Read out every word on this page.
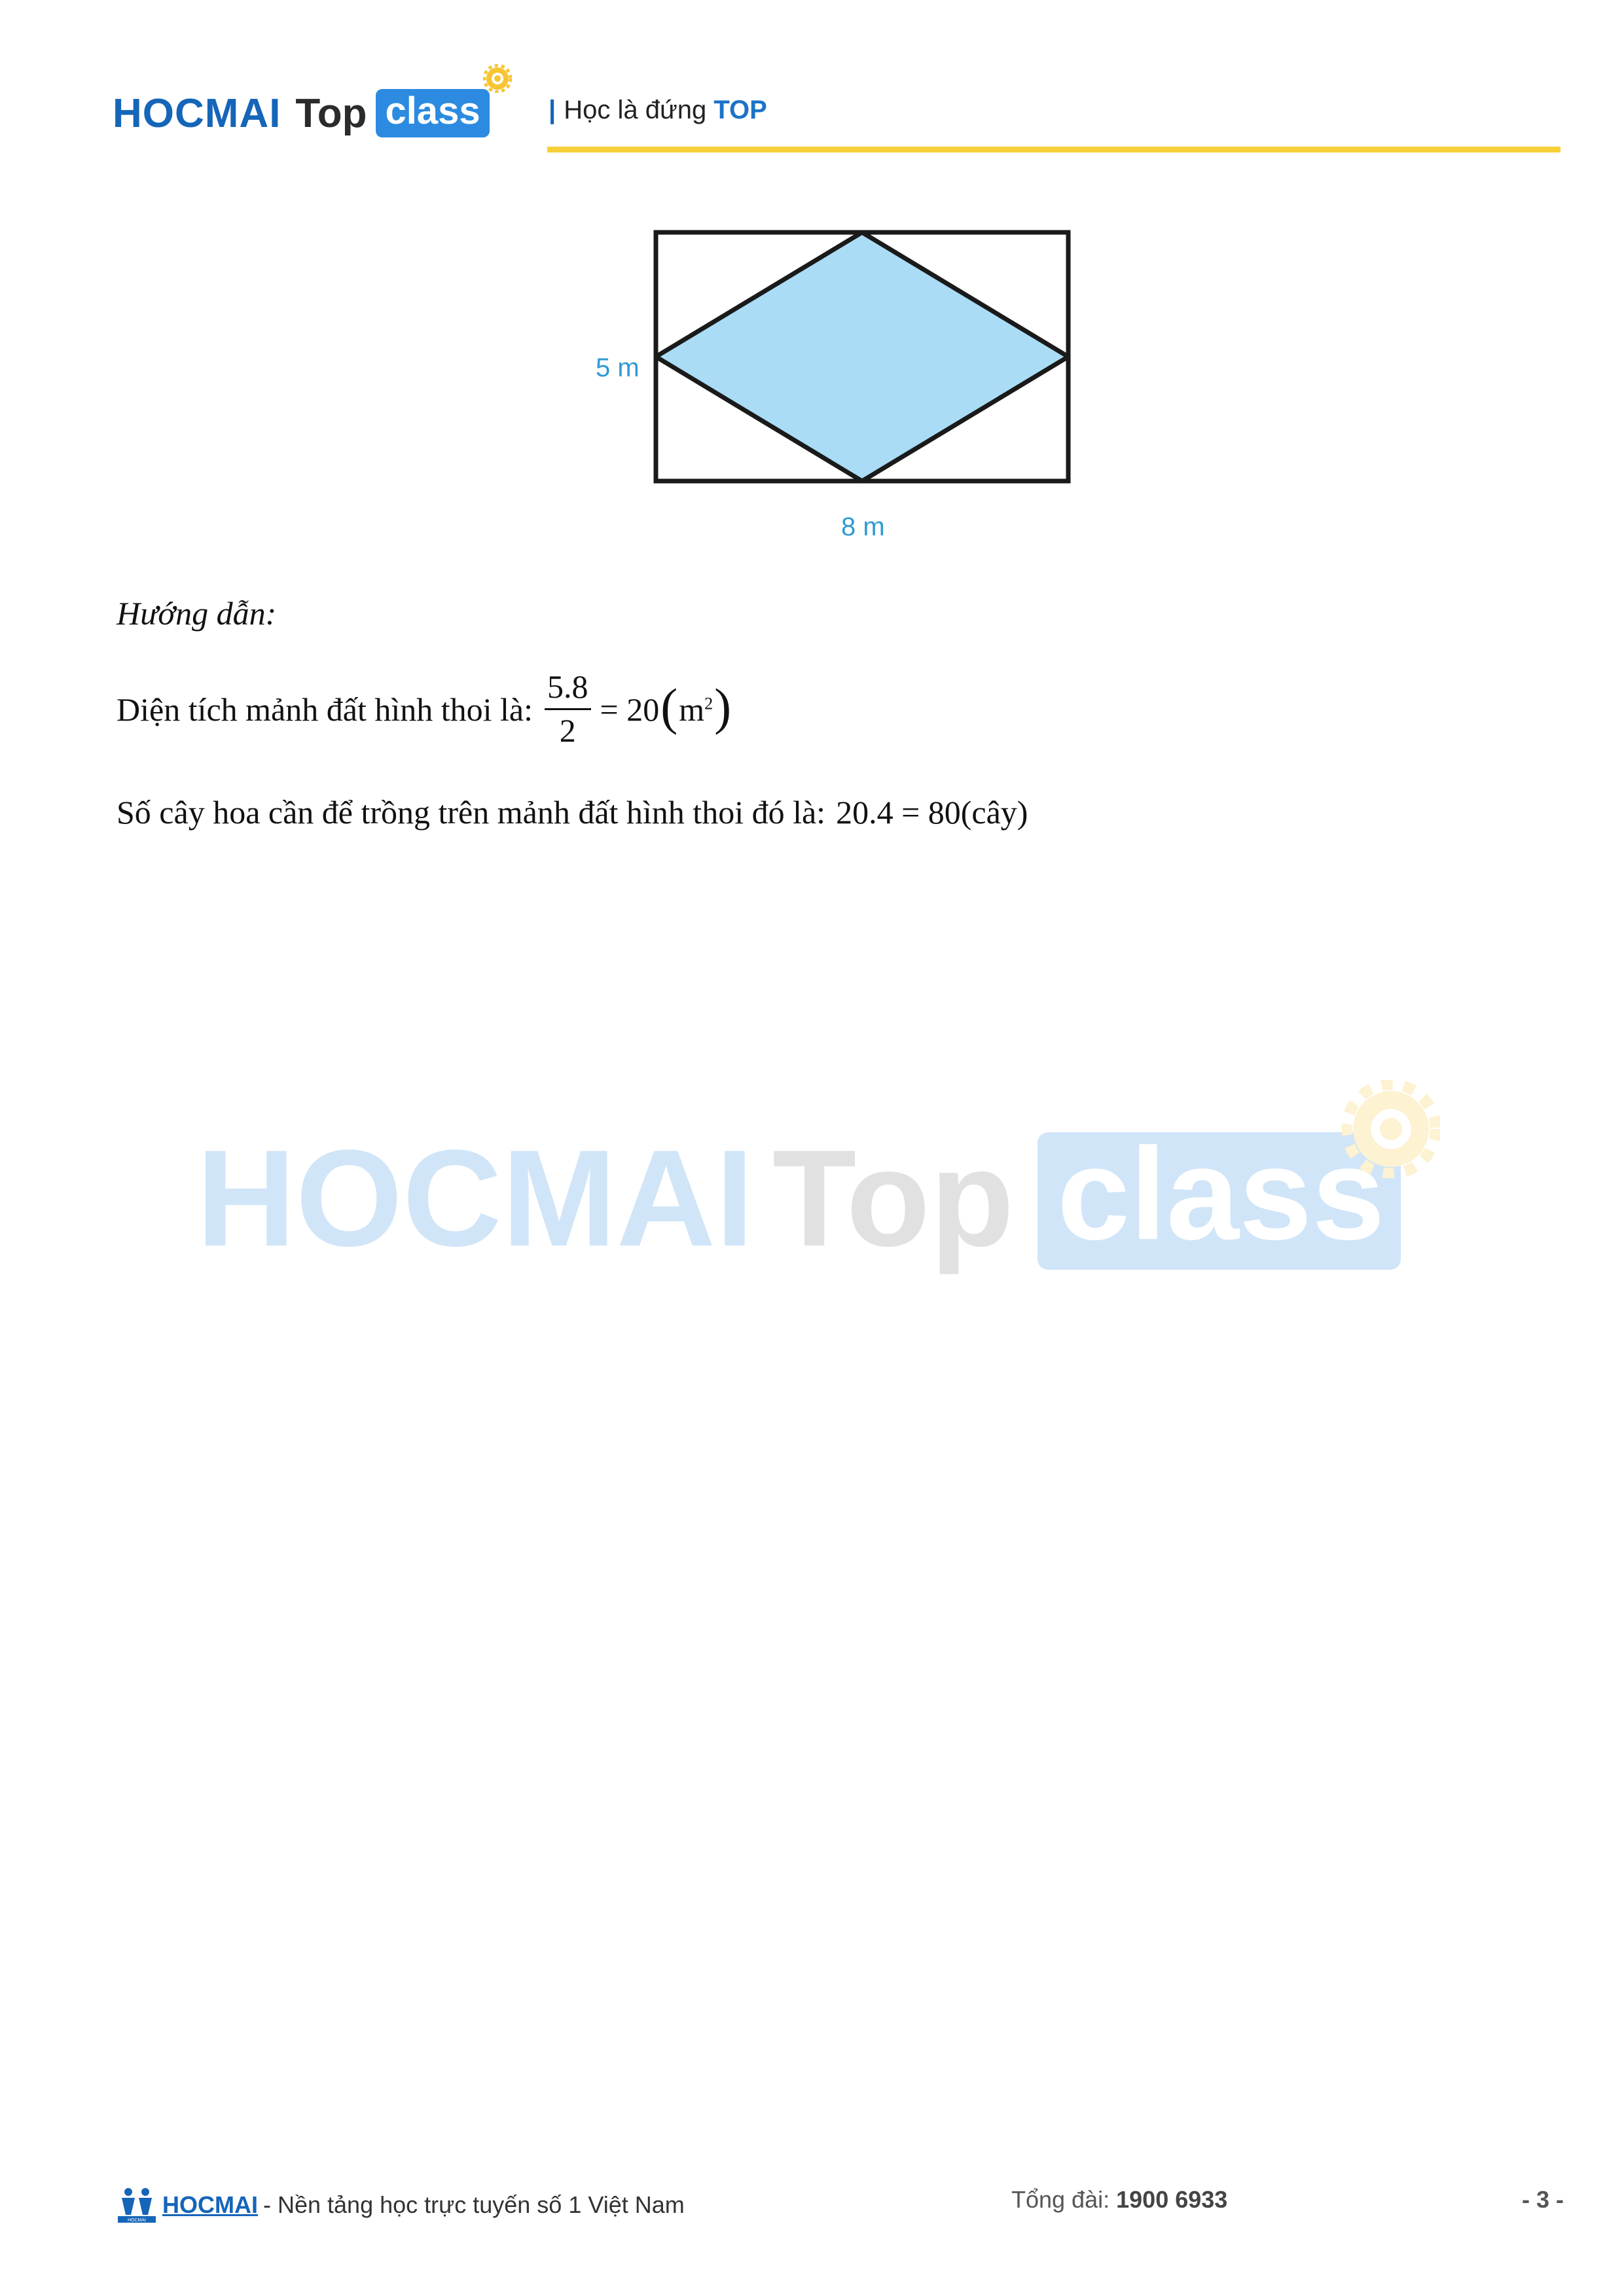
HOCMAI Top class	| Học là đứng TOP
5 m
8 m
Hướng dẫn:
Diện tích mảnh đất hình thoi là: $\frac{5.8}{2} = 20$ ( $m^2$ )
Số cây hoa cần để trồng trên mảnh đất hình thoi đó là: 20.4 = 80(cây)
HOCMAI Top class
HOCMAI
HOCMAI - Nền tảng học trực tuyến số 1 Việt Nam	Tổng đài: 1900 6933	- 3 -
